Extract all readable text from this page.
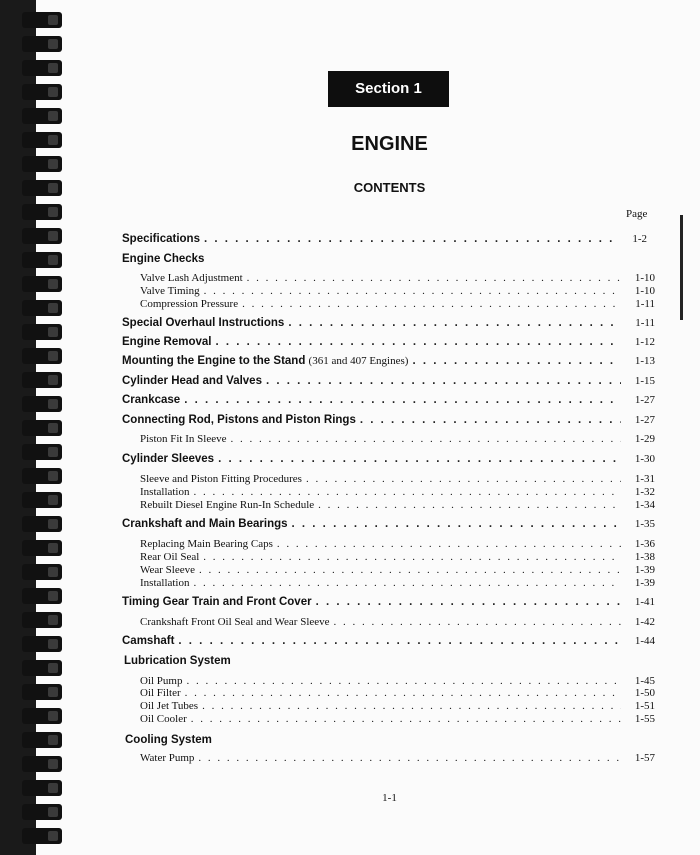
Section 1
ENGINE
CONTENTS
Page
Specifications . . .	1-2
Engine Checks
Valve Lash Adjustment . . .	1-10
Valve Timing . . .	1-10
Compression Pressure . . .	1-11
Special Overhaul Instructions . . .	1-11
Engine Removal . . .	1-12
Mounting the Engine to the Stand (361 and 407 Engines) . . .	1-13
Cylinder Head and Valves . . .	1-15
Crankcase . . .	1-27
Connecting Rod, Pistons and Piston Rings . . .	1-27
Piston Fit In Sleeve . . .	1-29
Cylinder Sleeves . . .	1-30
Sleeve and Piston Fitting Procedures . . .	1-31
Installation . . .	1-32
Rebuilt Diesel Engine Run-In Schedule . . .	1-34
Crankshaft and Main Bearings . . .	1-35
Replacing Main Bearing Caps . . .	1-36
Rear Oil Seal . . .	1-38
Wear Sleeve . . .	1-39
Installation . . .	1-39
Timing Gear Train and Front Cover . . .	1-41
Crankshaft Front Oil Seal and Wear Sleeve . . .	1-42
Camshaft . . .	1-44
Lubrication System
Oil Pump . . .	1-45
Oil Filter . . .	1-50
Oil Jet Tubes . . .	1-51
Oil Cooler . . .	1-55
Cooling System
Water Pump . . .	1-57
1-1
